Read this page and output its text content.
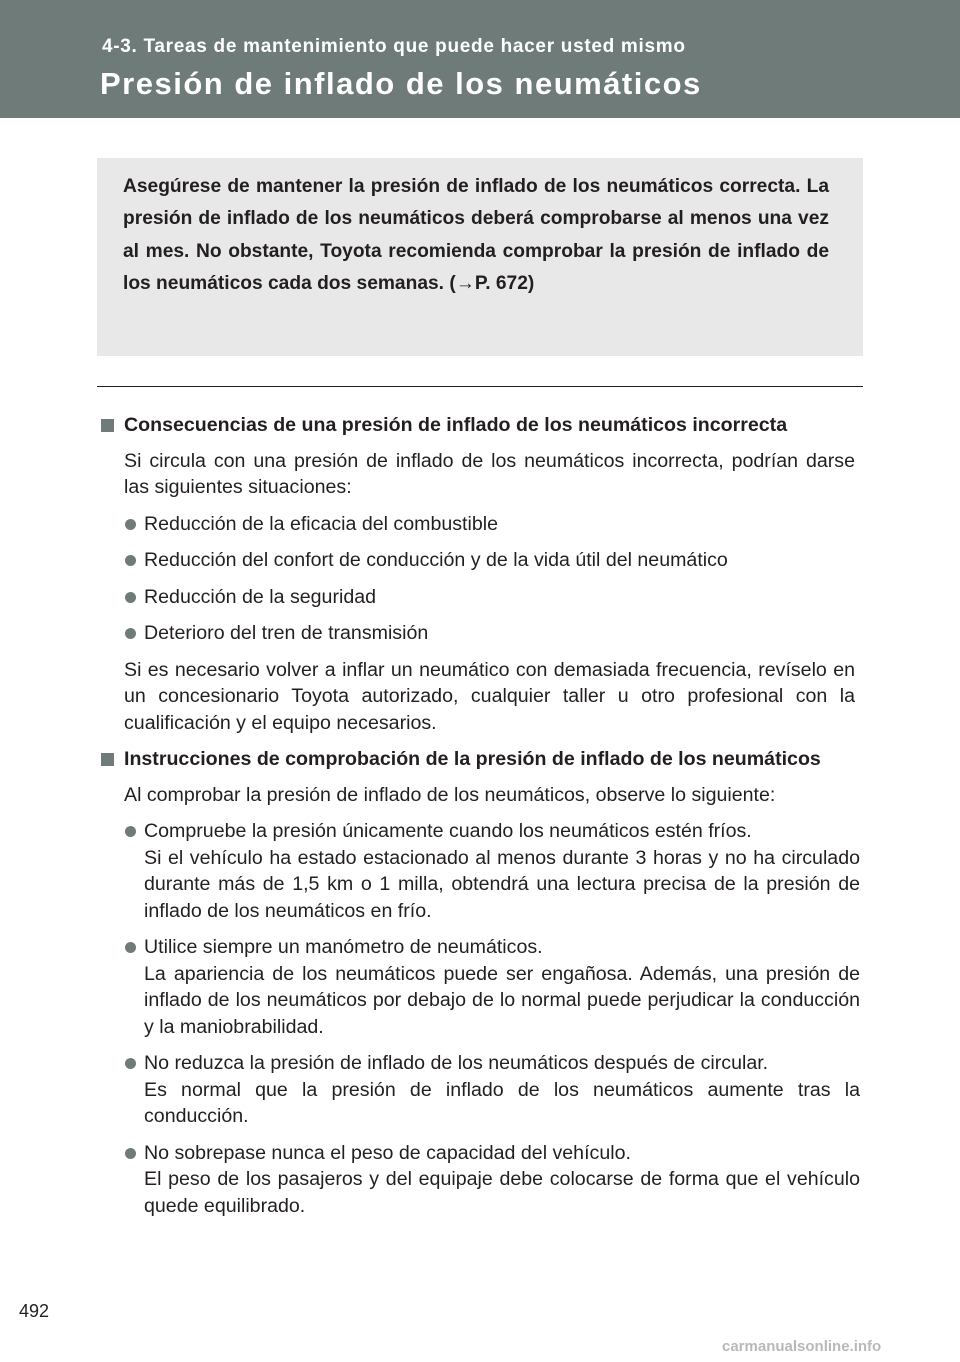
4-3. Tareas de mantenimiento que puede hacer usted mismo
Presión de inflado de los neumáticos

Asegúrese de mantener la presión de inflado de los neumáticos correcta. La presión de inflado de los neumáticos deberá comprobarse al menos una vez al mes. No obstante, Toyota recomienda comprobar la presión de inflado de los neumáticos cada dos semanas. (→P. 672)

Consecuencias de una presión de inflado de los neumáticos incorrecta

Si circula con una presión de inflado de los neumáticos incorrecta, podrían darse las siguientes situaciones:

Reducción de la eficacia del combustible
Reducción del confort de conducción y de la vida útil del neumático
Reducción de la seguridad
Deterioro del tren de transmisión

Si es necesario volver a inflar un neumático con demasiada frecuencia, revíselo en un concesionario Toyota autorizado, cualquier taller u otro profesional con la cualificación y el equipo necesarios.

Instrucciones de comprobación de la presión de inflado de los neumáticos

Al comprobar la presión de inflado de los neumáticos, observe lo siguiente:

Compruebe la presión únicamente cuando los neumáticos estén fríos.
Si el vehículo ha estado estacionado al menos durante 3 horas y no ha circulado durante más de 1,5 km o 1 milla, obtendrá una lectura precisa de la presión de inflado de los neumáticos en frío.
Utilice siempre un manómetro de neumáticos.
La apariencia de los neumáticos puede ser engañosa. Además, una presión de inflado de los neumáticos por debajo de lo normal puede perjudicar la conducción y la maniobrabilidad.
No reduzca la presión de inflado de los neumáticos después de circular.
Es normal que la presión de inflado de los neumáticos aumente tras la conducción.
No sobrepase nunca el peso de capacidad del vehículo.
El peso de los pasajeros y del equipaje debe colocarse de forma que el vehículo quede equilibrado.
492
carmanualsonline.info
